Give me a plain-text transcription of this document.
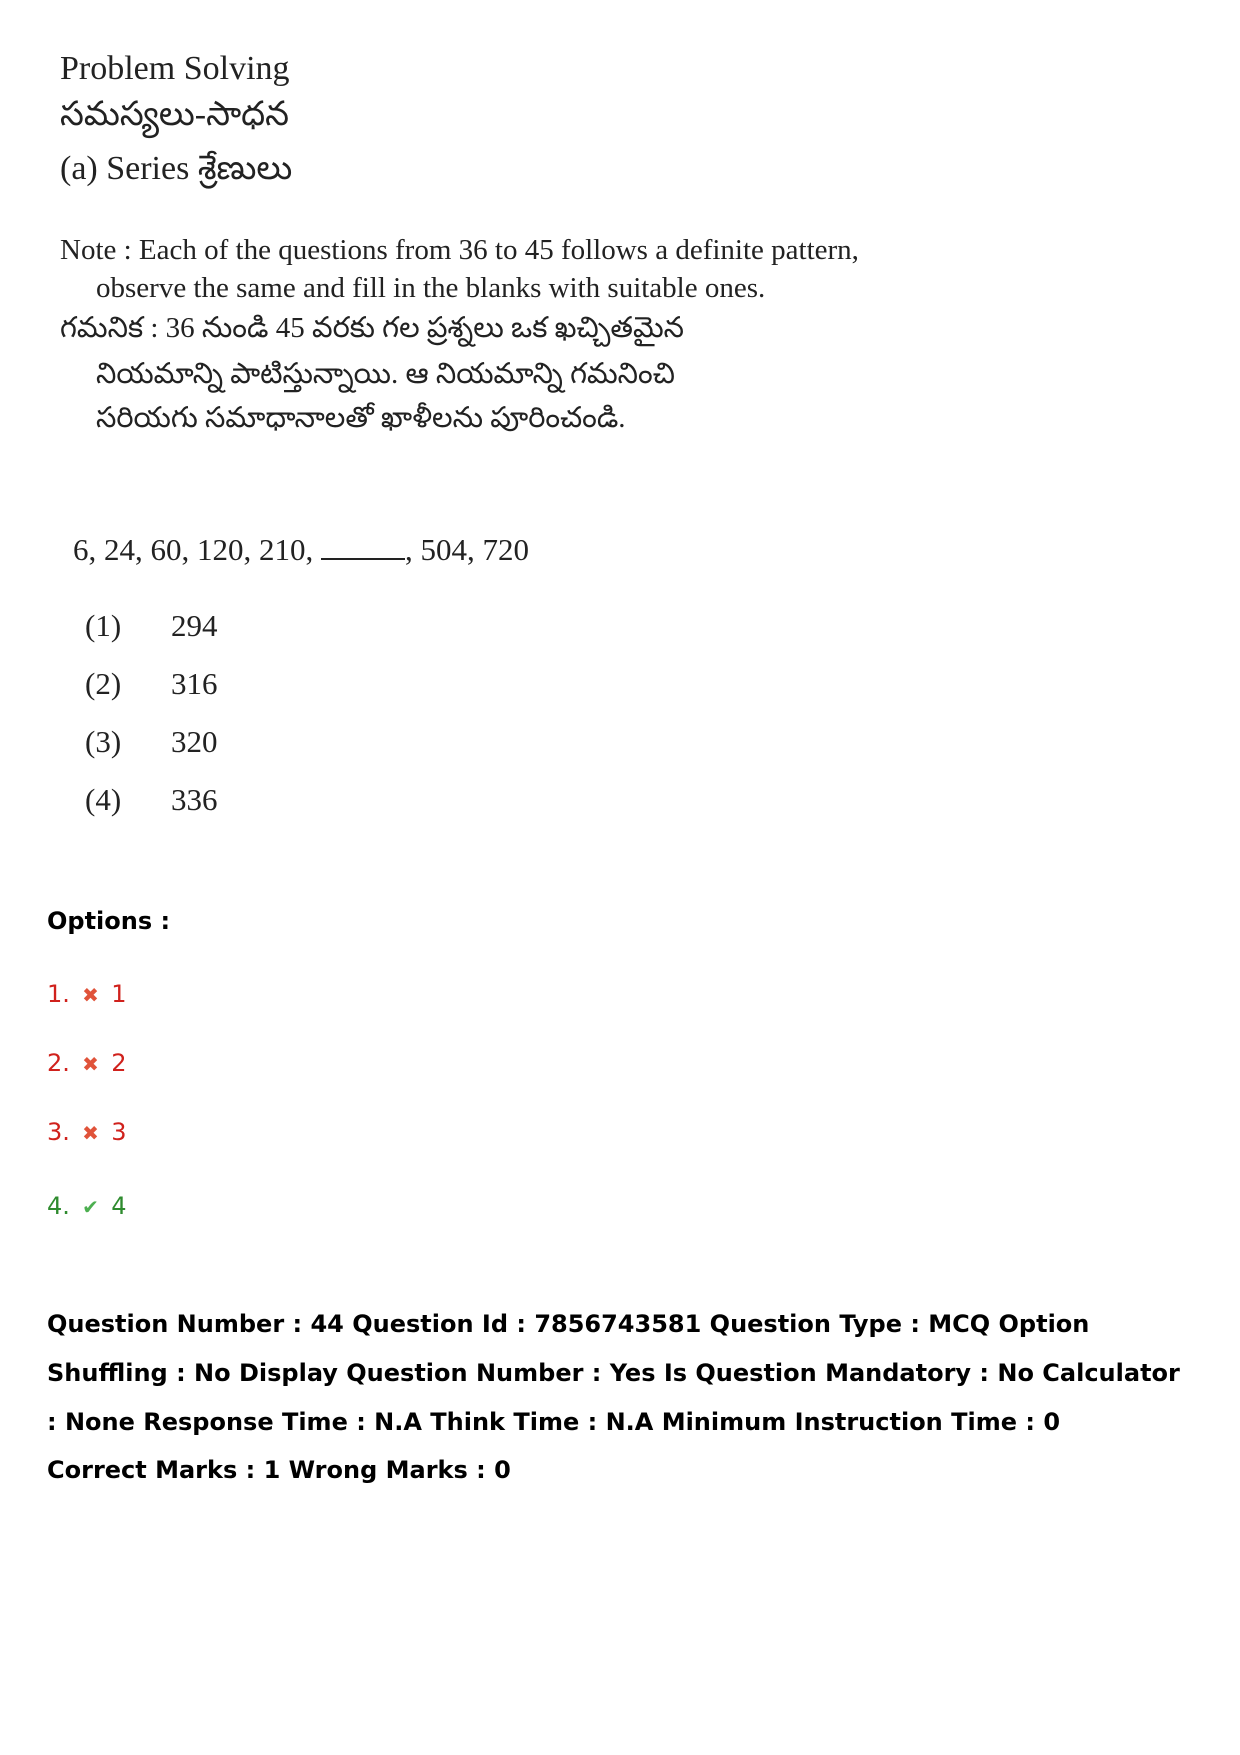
Problem Solving
సమస్యలు-సాధన
(a) Series శ్రేణులు
Note : Each of the questions from 36 to 45 follows a definite pattern,
observe the same and fill in the blanks with suitable ones.
గమనిక : 36 నుండి 45 వరకు గల ప్రశ్నలు ఒక ఖచ్చితమైన
నియమాన్ని పాటిస్తున్నాయి. ఆ నియమాన్ని గమనించి
సరియగు సమాధానాలతో ఖాళీలను పూరించండి.
6, 24, 60, 120, 210,	, 504, 720
(1) 294
(2) 316
(3) 320
(4) 336
Options :
1. ✖ 1
2. ✖ 2
3. ✖ 3
4. ✔ 4
Question Number : 44 Question Id : 7856743581 Question Type : MCQ Option Shuffling : No Display Question Number : Yes Is Question Mandatory : No Calculator : None Response Time : N.A Think Time : N.A Minimum Instruction Time : 0
Correct Marks : 1 Wrong Marks : 0
